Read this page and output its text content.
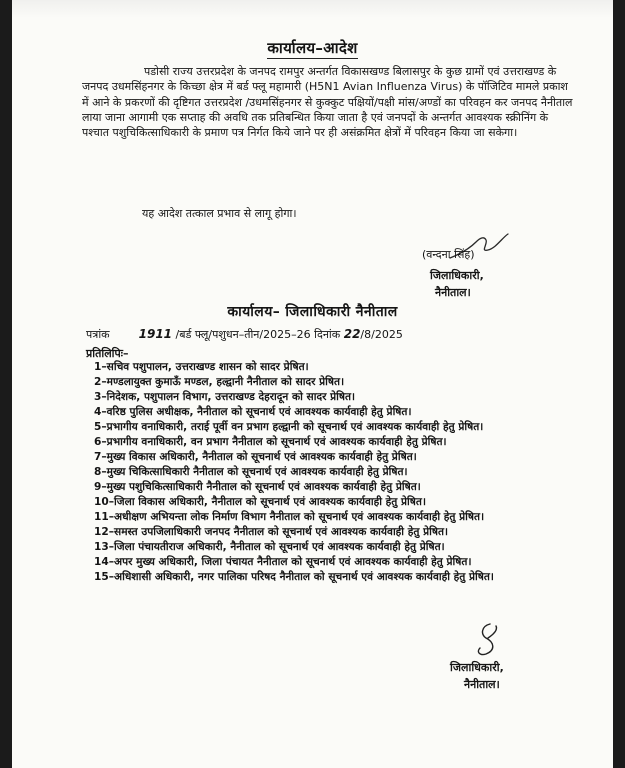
कार्यालय–आदेश

पडोसी राज्य उत्तरप्रदेश के जनपद रामपुर अन्तर्गत विकासखण्ड बिलासपुर के कुछ ग्रामों एवं उत्तराखण्ड के जनपद उधमसिंहनगर के किच्छा क्षेत्र में बर्ड फ्लू महामारी (H5N1 Avian Influenza Virus) के पॉजिटिव मामले प्रकाश में आने के प्रकरणों की दृष्टिगत उत्तरप्रदेश /उधमसिंहनगर से कुक्कुट पक्षियों/पक्षी मांस/अण्डों का परिवहन कर जनपद नैनीताल लाया जाना आगामी एक सप्ताह की अवधि तक प्रतिबन्धित किया जाता है एवं जनपदों के अन्तर्गत आवश्यक स्क्रीनिंग के पश्चात पशुचिकित्साधिकारी के प्रमाण पत्र निर्गत किये जाने पर ही असंक्रमित क्षेत्रों में परिवहन किया जा सकेगा।

यह आदेश तत्काल प्रभाव से लागू होगा।
(वन्दना सिंह)
जिलाधिकारी,
नैनीताल।
कार्यालय– जिलाधिकारी नैनीताल
पत्रांक 1911 /बर्ड फ्लू/पशुधन–तीन/2025–26 दिनांक 22/8/2025
प्रतिलिपिः–
1–सचिव पशुपालन, उत्तराखण्ड शासन को सादर प्रेषित।
2–मण्डलायुक्त कुमाऊँ मण्डल, हल्द्वानी नैनीताल को सादर प्रेषित।
3–निदेशक, पशुपालन विभाग, उत्तराखण्ड देहरादून को सादर प्रेषित।
4–वरिष्ठ पुलिस अधीक्षक, नैनीताल को सूचनार्थ एवं आवश्यक कार्यवाही हेतु प्रेषित।
5–प्रभागीय वनाधिकारी, तराई पूर्वी वन प्रभाग हल्द्वानी को सूचनार्थ एवं आवश्यक कार्यवाही हेतु प्रेषित।
6–प्रभागीय वनाधिकारी, वन प्रभाग नैनीताल को सूचनार्थ एवं आवश्यक कार्यवाही हेतु प्रेषित।
7–मुख्य विकास अधिकारी, नैनीताल को सूचनार्थ एवं आवश्यक कार्यवाही हेतु प्रेषित।
8–मुख्य चिकित्साधिकारी नैनीताल को सूचनार्थ एवं आवश्यक कार्यवाही हेतु प्रेषित।
9–मुख्य पशुचिकित्साधिकारी नैनीताल को सूचनार्थ एवं आवश्यक कार्यवाही हेतु प्रेषित।
10–जिला विकास अधिकारी, नैनीताल को सूचनार्थ एवं आवश्यक कार्यवाही हेतु प्रेषित।
11–अधीक्षण अभियन्ता लोक निर्माण विभाग नैनीताल को सूचनार्थ एवं आवश्यक कार्यवाही हेतु प्रेषित।
12–समस्त उपजिलाधिकारी जनपद नैनीताल को सूचनार्थ एवं आवश्यक कार्यवाही हेतु प्रेषित।
13–जिला पंचायतीराज अधिकारी, नैनीताल को सूचनार्थ एवं आवश्यक कार्यवाही हेतु प्रेषित।
14–अपर मुख्य अधिकारी, जिला पंचायत नैनीताल को सूचनार्थ एवं आवश्यक कार्यवाही हेतु प्रेषित।
15–अधिशासी अधिकारी, नगर पालिका परिषद नैनीताल को सूचनार्थ एवं आवश्यक कार्यवाही हेतु प्रेषित।
जिलाधिकारी,
नैनीताल।
